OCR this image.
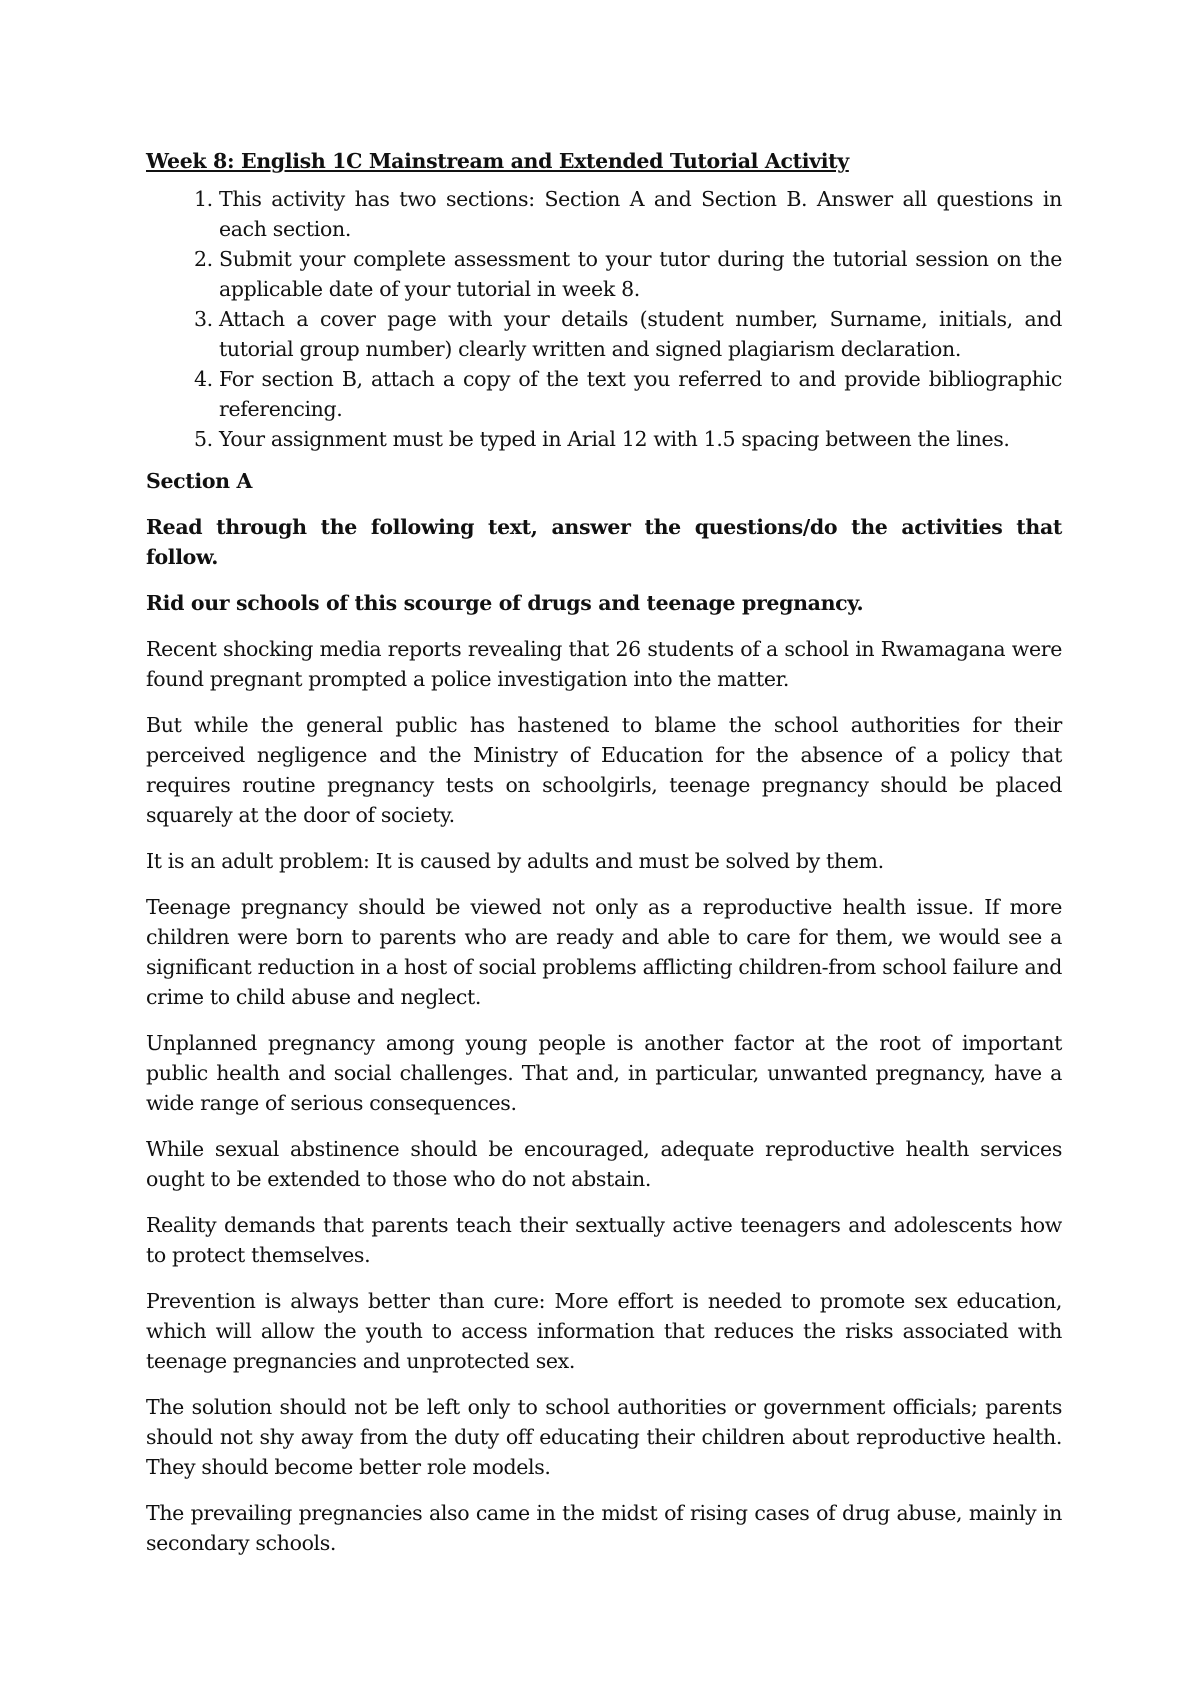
Week 8: English 1C Mainstream and Extended Tutorial Activity
1. This activity has two sections: Section A and Section B. Answer all questions in each section.
2. Submit your complete assessment to your tutor during the tutorial session on the applicable date of your tutorial in week 8.
3. Attach a cover page with your details (student number, Surname, initials, and tutorial group number) clearly written and signed plagiarism declaration.
4. For section B, attach a copy of the text you referred to and provide bibliographic referencing.
5. Your assignment must be typed in Arial 12 with 1.5 spacing between the lines.

Section A

Read through the following text, answer the questions/do the activities that follow.

Rid our schools of this scourge of drugs and teenage pregnancy.

Recent shocking media reports revealing that 26 students of a school in Rwamagana were found pregnant prompted a police investigation into the matter.

But while the general public has hastened to blame the school authorities for their perceived negligence and the Ministry of Education for the absence of a policy that requires routine pregnancy tests on schoolgirls, teenage pregnancy should be placed squarely at the door of society.

It is an adult problem: It is caused by adults and must be solved by them.

Teenage pregnancy should be viewed not only as a reproductive health issue. If more children were born to parents who are ready and able to care for them, we would see a significant reduction in a host of social problems afflicting children-from school failure and crime to child abuse and neglect.

Unplanned pregnancy among young people is another factor at the root of important public health and social challenges. That and, in particular, unwanted pregnancy, have a wide range of serious consequences.

While sexual abstinence should be encouraged, adequate reproductive health services ought to be extended to those who do not abstain.

Reality demands that parents teach their sextually active teenagers and adolescents how to protect themselves.

Prevention is always better than cure: More effort is needed to promote sex education, which will allow the youth to access information that reduces the risks associated with teenage pregnancies and unprotected sex.

The solution should not be left only to school authorities or government officials; parents should not shy away from the duty off educating their children about reproductive health. They should become better role models.

The prevailing pregnancies also came in the midst of rising cases of drug abuse, mainly in secondary schools.
